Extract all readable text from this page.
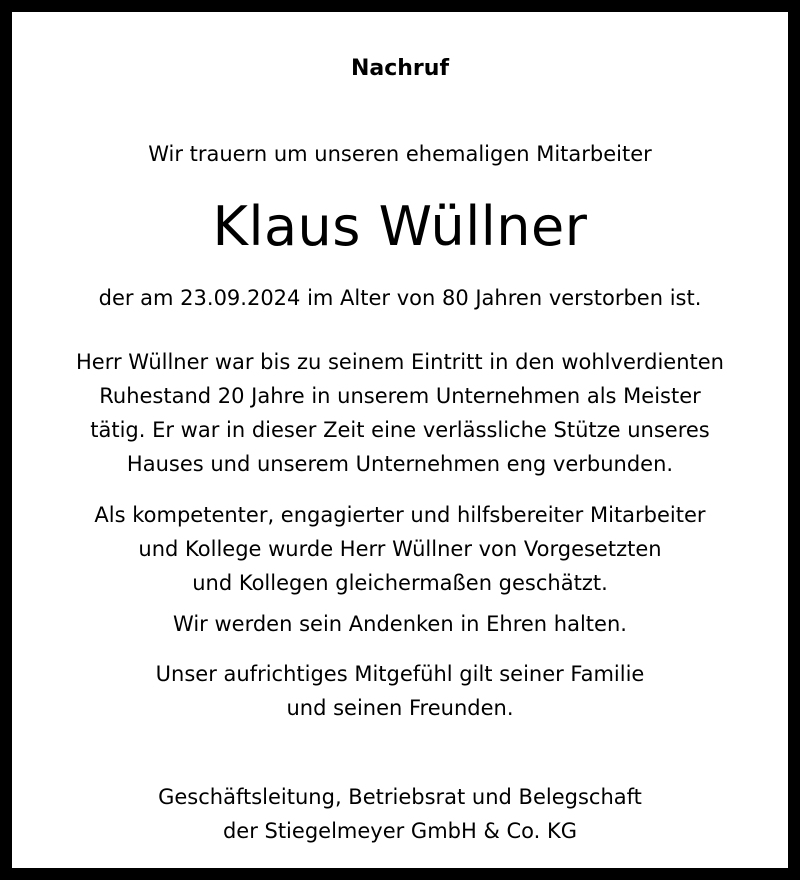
Nachruf
Wir trauern um unseren ehemaligen Mitarbeiter
Klaus Wüllner
der am 23.09.2024 im Alter von 80 Jahren verstorben ist.
Herr Wüllner war bis zu seinem Eintritt in den wohlverdienten
Ruhestand 20 Jahre in unserem Unternehmen als Meister
tätig. Er war in dieser Zeit eine verlässliche Stütze unseres
Hauses und unserem Unternehmen eng verbunden.
Als kompetenter, engagierter und hilfsbereiter Mitarbeiter
und Kollege wurde Herr Wüllner von Vorgesetzten
und Kollegen gleichermaßen geschätzt.
Wir werden sein Andenken in Ehren halten.
Unser aufrichtiges Mitgefühl gilt seiner Familie
und seinen Freunden.
Geschäftsleitung, Betriebsrat und Belegschaft
der Stiegelmeyer GmbH & Co. KG
